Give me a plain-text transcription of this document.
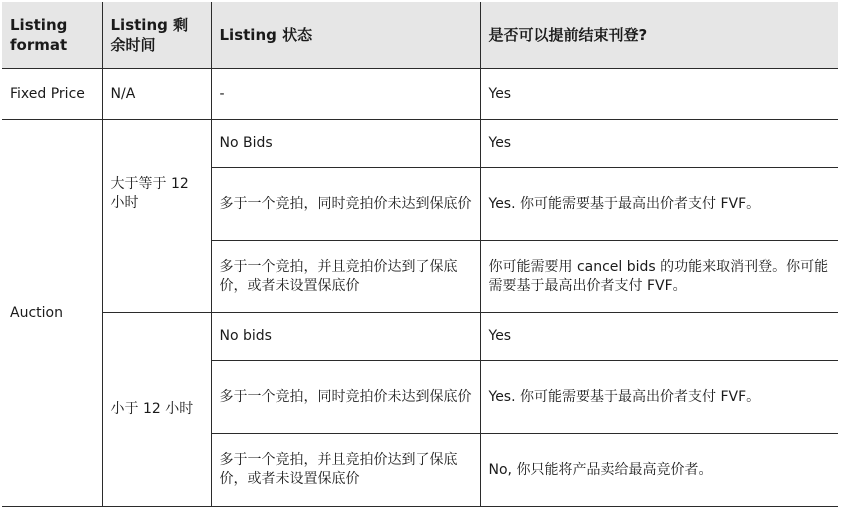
Listing format	Listing 剩余时间	Listing 状态	是否可以提前结束刊登?
Fixed Price	N/A	-	Yes
Auction	大于等于 12 小时	No Bids	Yes
		多于一个竞拍，同时竞拍价未达到保底价	Yes. 你可能需要基于最高出价者支付 FVF。
		多于一个竞拍，并且竞拍价达到了保底价，或者未设置保底价	你可能需要用 cancel bids 的功能来取消刊登。你可能需要基于最高出价者支付 FVF。
	小于 12 小时	No bids	Yes
		多于一个竞拍，同时竞拍价未达到保底价	Yes. 你可能需要基于最高出价者支付 FVF。
		多于一个竞拍，并且竞拍价达到了保底价，或者未设置保底价	No, 你只能将产品卖给最高竞价者。
